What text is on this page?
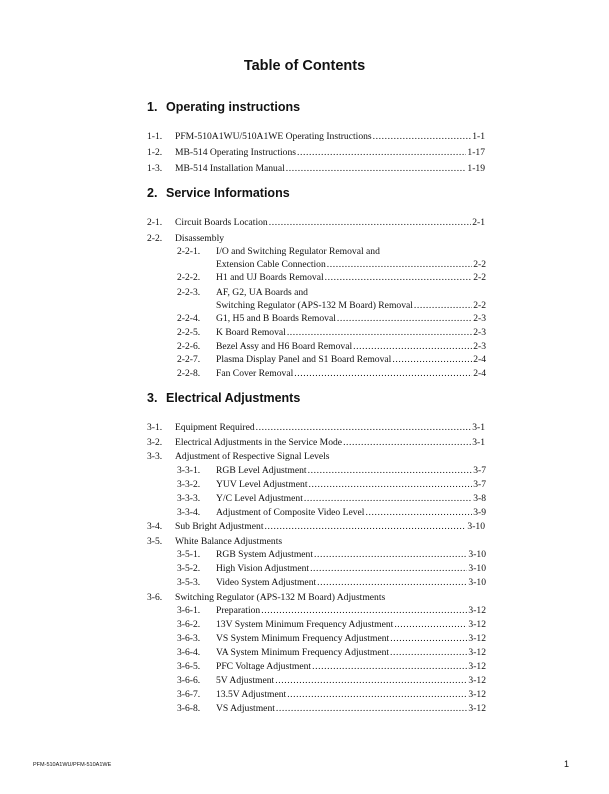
Table of Contents
1. Operating instructions
1-1. PFM-510A1WU/510A1WE Operating Instructions .....	1-1
1-2. MB-514 Operating Instructions .....	1-17
1-3. MB-514 Installation Manual .....	1-19
2. Service Informations
2-1. Circuit Boards Location .....	2-1
2-2. Disassembly
2-2-1. I/O and Switching Regulator Removal and
Extension Cable Connection .....	2-2
2-2-2. H1 and UJ Boards Removal .....	2-2
2-2-3. AF, G2, UA Boards and
Switching Regulator (APS-132 M Board) Removal .....	2-2
2-2-4. G1, H5 and B Boards Removal .....	2-3
2-2-5. K Board Removal .....	2-3
2-2-6. Bezel Assy and H6 Board Removal .....	2-3
2-2-7. Plasma Display Panel and S1 Board Removal .....	2-4
2-2-8. Fan Cover Removal .....	2-4
3. Electrical Adjustments
3-1. Equipment Required .....	3-1
3-2. Electrical Adjustments in the Service Mode .....	3-1
3-3. Adjustment of Respective Signal Levels
3-3-1. RGB Level Adjustment .....	3-7
3-3-2. YUV Level Adjustment .....	3-7
3-3-3. Y/C Level Adjustment .....	3-8
3-3-4. Adjustment of Composite Video Level .....	3-9
3-4. Sub Bright Adjustment .....	3-10
3-5. White Balance Adjustments
3-5-1. RGB System Adjustment .....	3-10
3-5-2. High Vision Adjustment .....	3-10
3-5-3. Video System Adjustment .....	3-10
3-6. Switching Regulator (APS-132 M Board) Adjustments
3-6-1. Preparation .....	3-12
3-6-2. 13V System Minimum Frequency Adjustment .....	3-12
3-6-3. VS System Minimum Frequency Adjustment .....	3-12
3-6-4. VA System Minimum Frequency Adjustment .....	3-12
3-6-5. PFC Voltage Adjustment .....	3-12
3-6-6. 5V Adjustment .....	3-12
3-6-7. 13.5V Adjustment .....	3-12
3-6-8. VS Adjustment .....	3-12
PFM-510A1WU/PFM-510A1WE	1
